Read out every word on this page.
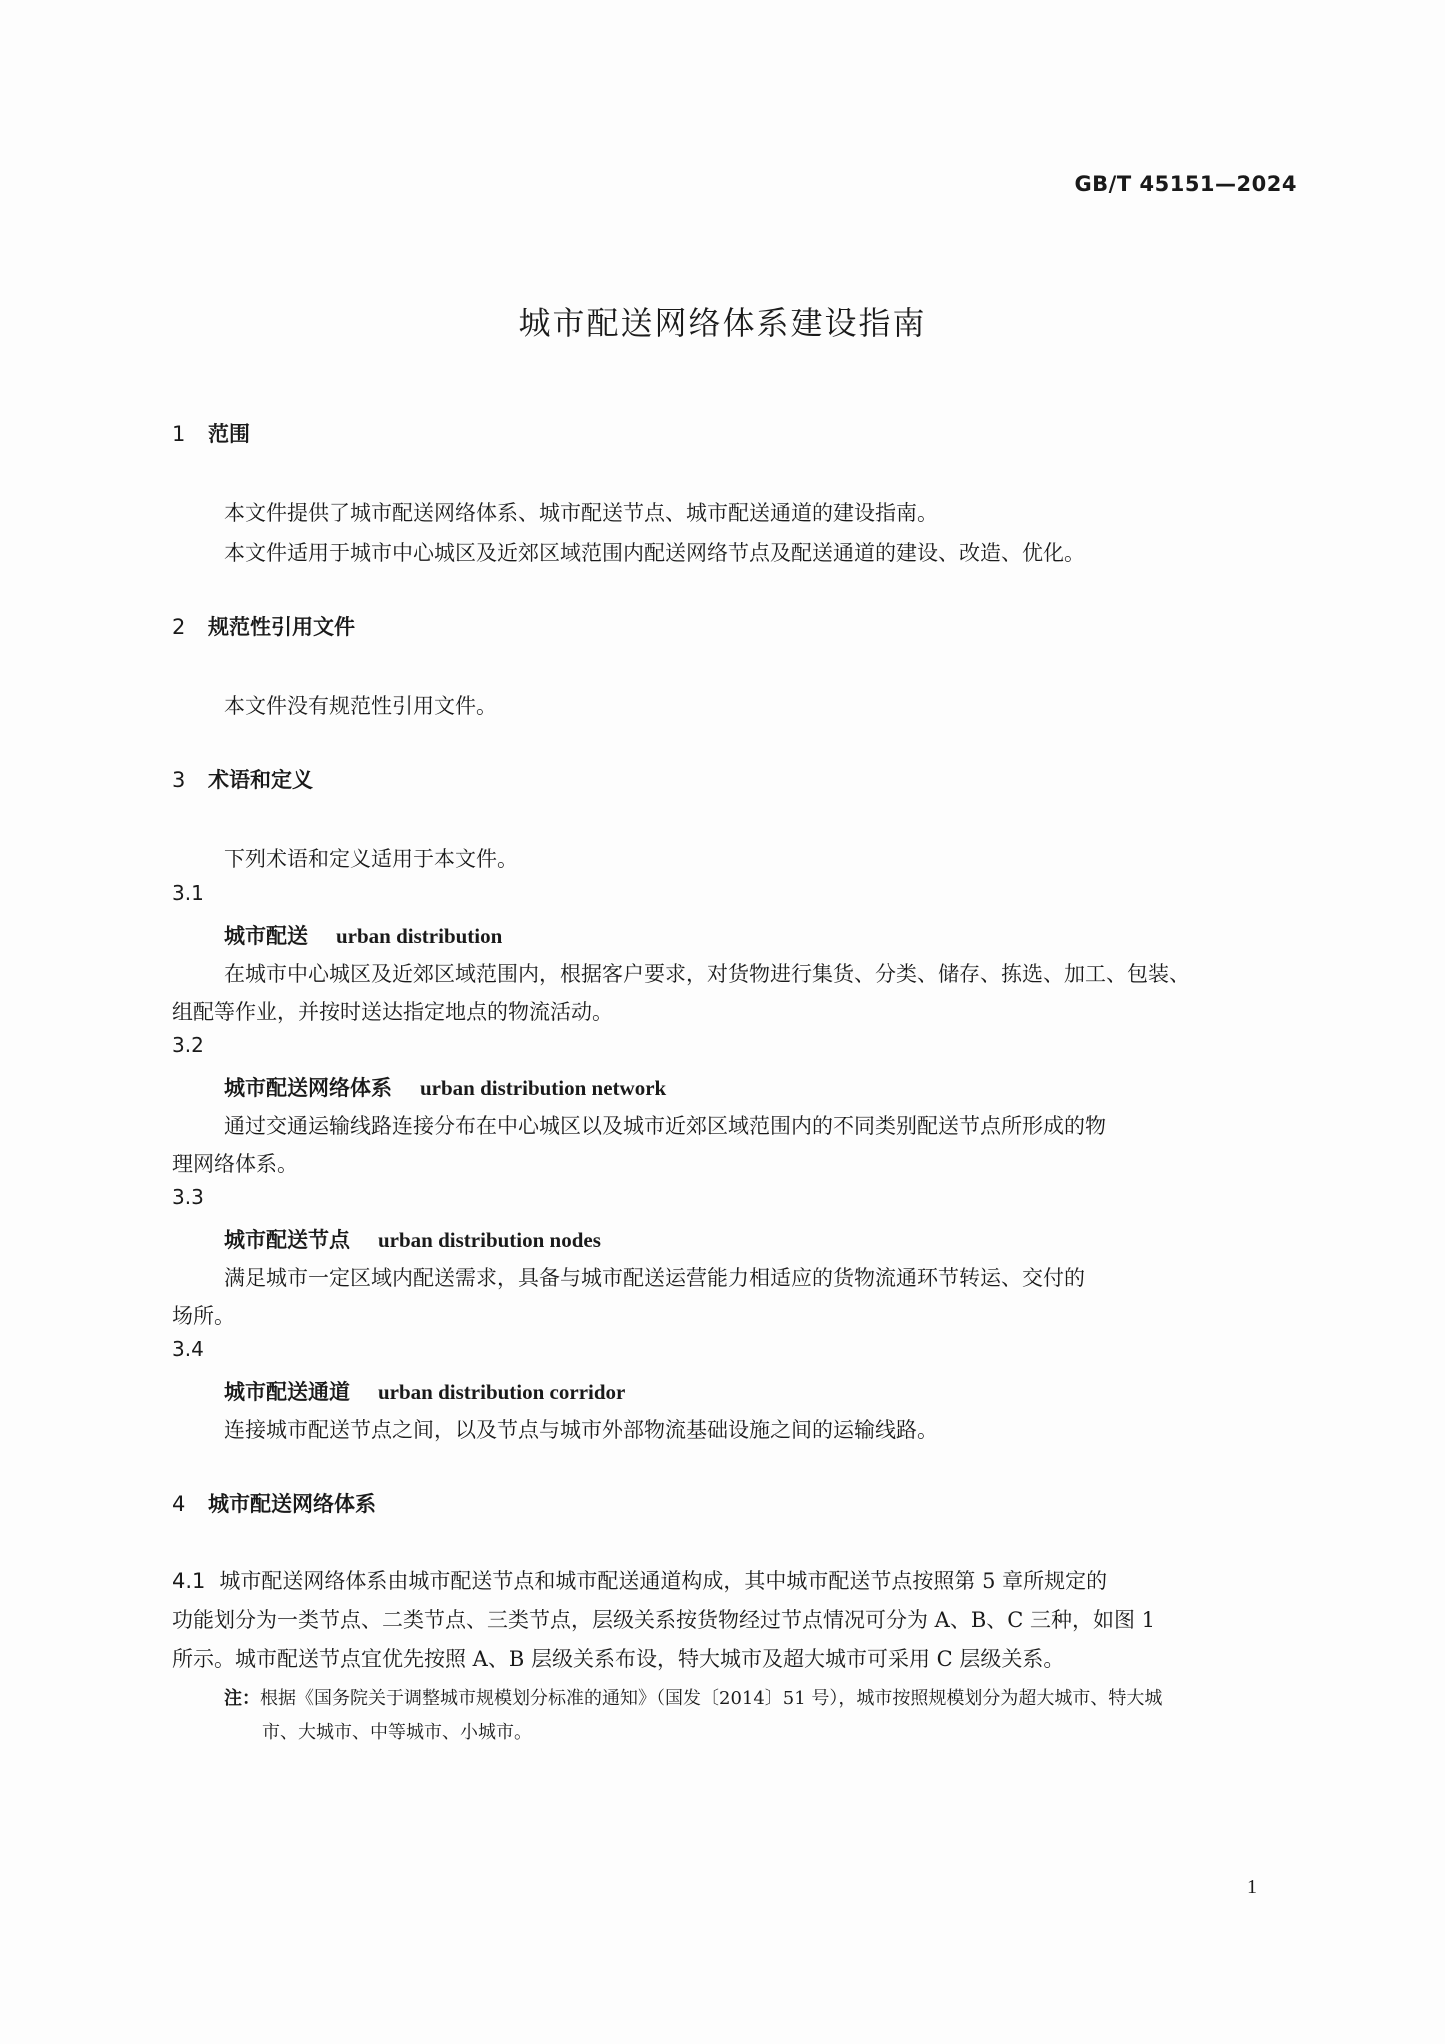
GB/T 45151—2024
城市配送网络体系建设指南
1 范围
本文件提供了城市配送网络体系、城市配送节点、城市配送通道的建设指南。
本文件适用于城市中心城区及近郊区域范围内配送网络节点及配送通道的建设、改造、优化。
2 规范性引用文件
本文件没有规范性引用文件。
3 术语和定义
下列术语和定义适用于本文件。
3.1
城市配送 urban distribution
在城市中心城区及近郊区域范围内，根据客户要求，对货物进行集货、分类、储存、拣选、加工、包装、
组配等作业，并按时送达指定地点的物流活动。
3.2
城市配送网络体系 urban distribution network
通过交通运输线路连接分布在中心城区以及城市近郊区域范围内的不同类别配送节点所形成的物
理网络体系。
3.3
城市配送节点 urban distribution nodes
满足城市一定区域内配送需求，具备与城市配送运营能力相适应的货物流通环节转运、交付的
场所。
3.4
城市配送通道 urban distribution corridor
连接城市配送节点之间，以及节点与城市外部物流基础设施之间的运输线路。
4 城市配送网络体系
4.1 城市配送网络体系由城市配送节点和城市配送通道构成，其中城市配送节点按照第 5 章所规定的
功能划分为一类节点、二类节点、三类节点，层级关系按货物经过节点情况可分为 A、B、C 三种，如图 1
所示。城市配送节点宜优先按照 A、B 层级关系布设，特大城市及超大城市可采用 C 层级关系。
注：根据《国务院关于调整城市规模划分标准的通知》（国发〔2014〕51 号），城市按照规模划分为超大城市、特大城
市、大城市、中等城市、小城市。
1
